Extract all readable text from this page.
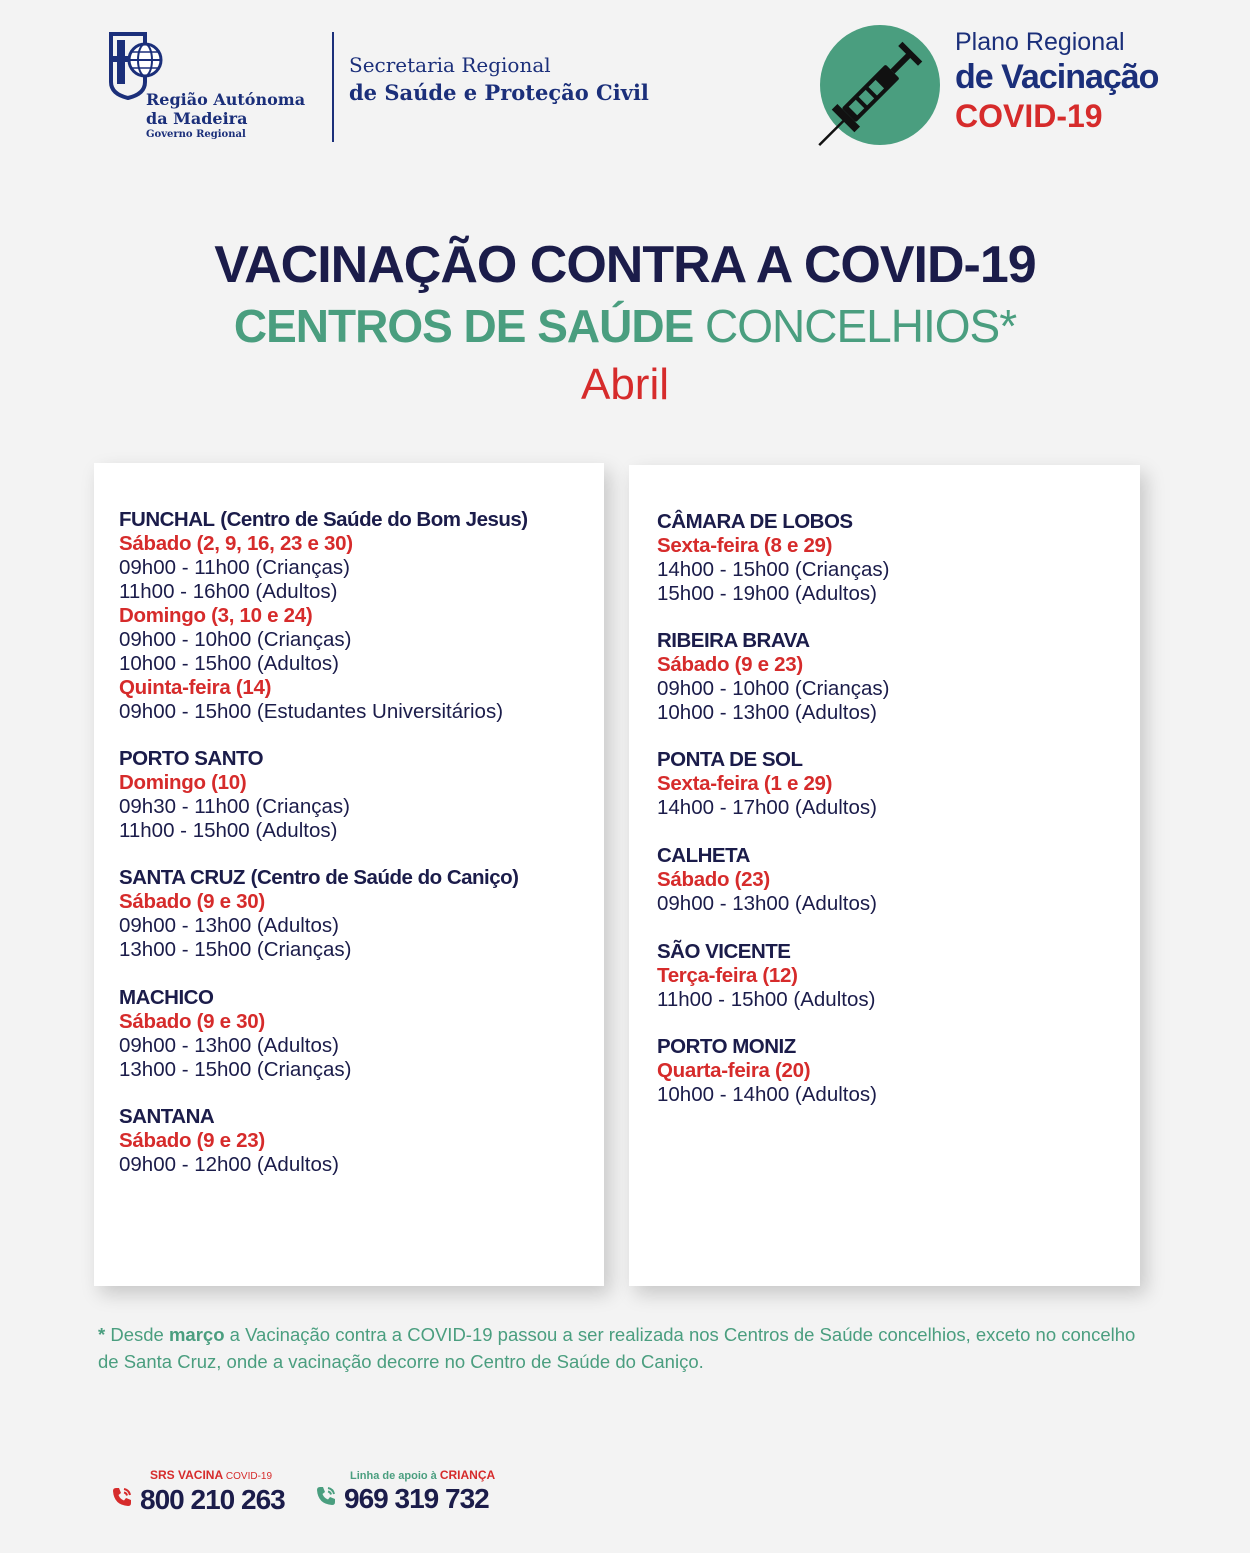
Região Autónoma
da Madeira
Governo Regional
Secretaria Regional
de Saúde e Proteção Civil
Plano Regional
de Vacinação
COVID-19
VACINAÇÃO CONTRA A COVID-19
CENTROS DE SAÚDE CONCELHIOS*
Abril
FUNCHAL (Centro de Saúde do Bom Jesus)
Sábado (2, 9, 16, 23 e 30)
09h00 - 11h00 (Crianças)
11h00 - 16h00 (Adultos)
Domingo (3, 10 e 24)
09h00 - 10h00 (Crianças)
10h00 - 15h00 (Adultos)
Quinta-feira (14)
09h00 - 15h00 (Estudantes Universitários)
PORTO SANTO
Domingo (10)
09h30 - 11h00 (Crianças)
11h00 - 15h00 (Adultos)
SANTA CRUZ (Centro de Saúde do Caniço)
Sábado (9 e 30)
09h00 - 13h00 (Adultos)
13h00 - 15h00 (Crianças)
MACHICO
Sábado (9 e 30)
09h00 - 13h00 (Adultos)
13h00 - 15h00 (Crianças)
SANTANA
Sábado (9 e 23)
09h00 - 12h00 (Adultos)
CÂMARA DE LOBOS
Sexta-feira (8 e 29)
14h00 - 15h00 (Crianças)
15h00 - 19h00 (Adultos)
RIBEIRA BRAVA
Sábado (9 e 23)
09h00 - 10h00 (Crianças)
10h00 - 13h00 (Adultos)
PONTA DE SOL
Sexta-feira (1 e 29)
14h00 - 17h00 (Adultos)
CALHETA
Sábado (23)
09h00 - 13h00 (Adultos)
SÃO VICENTE
Terça-feira (12)
11h00 - 15h00 (Adultos)
PORTO MONIZ
Quarta-feira (20)
10h00 - 14h00 (Adultos)
* Desde março a Vacinação contra a COVID-19 passou a ser realizada nos Centros de Saúde concelhios, exceto no concelho de Santa Cruz, onde a vacinação decorre no Centro de Saúde do Caniço.
SRS VACINA COVID-19
800 210 263
Linha de apoio à CRIANÇA
969 319 732
